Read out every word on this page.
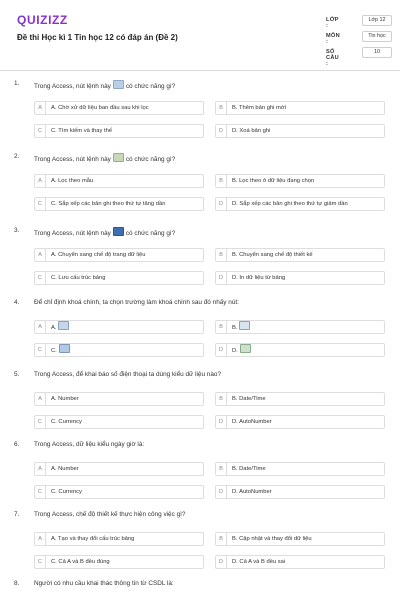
QUIZIZZ
Đề thi Học kì 1 Tin học 12 có đáp án (Đề 2)
LỚP :
Lớp 12
MÔN :
Tin học
SỐ CÂU :
10
1. Trong Access, nút lệnh này có chức năng gì?
A	A. Chờ xử dữ liệu ban đầu sau khi lọc	B	B. Thêm bản ghi mới
C	C. Tìm kiếm và thay thế	D	D. Xoá bản ghi
2. Trong Access, nút lệnh này có chức năng gì?
A	A. Lọc theo mẫu	B	B. Lọc theo ô dữ liệu đang chọn
C	C. Sắp xếp các bản ghi theo thứ tự tăng dần	D	D. Sắp xếp các bản ghi theo thứ tự giảm dần
3. Trong Access, nút lệnh này có chức năng gì?
A	A. Chuyển sang chế độ trang dữ liệu	B	B. Chuyển sang chế độ thiết kế
C	C. Lưu cấu trúc bảng	D	D. In dữ liệu từ bảng
4. Để chỉ định khoá chính, ta chọn trường làm khoá chính sau đó nhấy nút:
A	A.	B	B.
C	C.	D	D.
5. Trong Access, để khai báo số điện thoại ta dùng kiểu dữ liệu nào?
A	A. Number	B	B. Date/Time
C	C. Currency	D	D. AutoNumber
6. Trong Access, dữ liệu kiểu ngày giờ là:
A	A. Number	B	B. Date/Time
C	C. Currency	D	D. AutoNumber
7. Trong Access, chế độ thiết kế thực hiện công việc gì?
A	A. Tạo và thay đổi cấu trúc bảng	B	B. Cập nhật và thay đổi dữ liệu
C	C. Cả A và B đều đúng	D	D. Cả A và B đều sai
8. Người có nhu cầu khai thác thông tin từ CSDL là:
